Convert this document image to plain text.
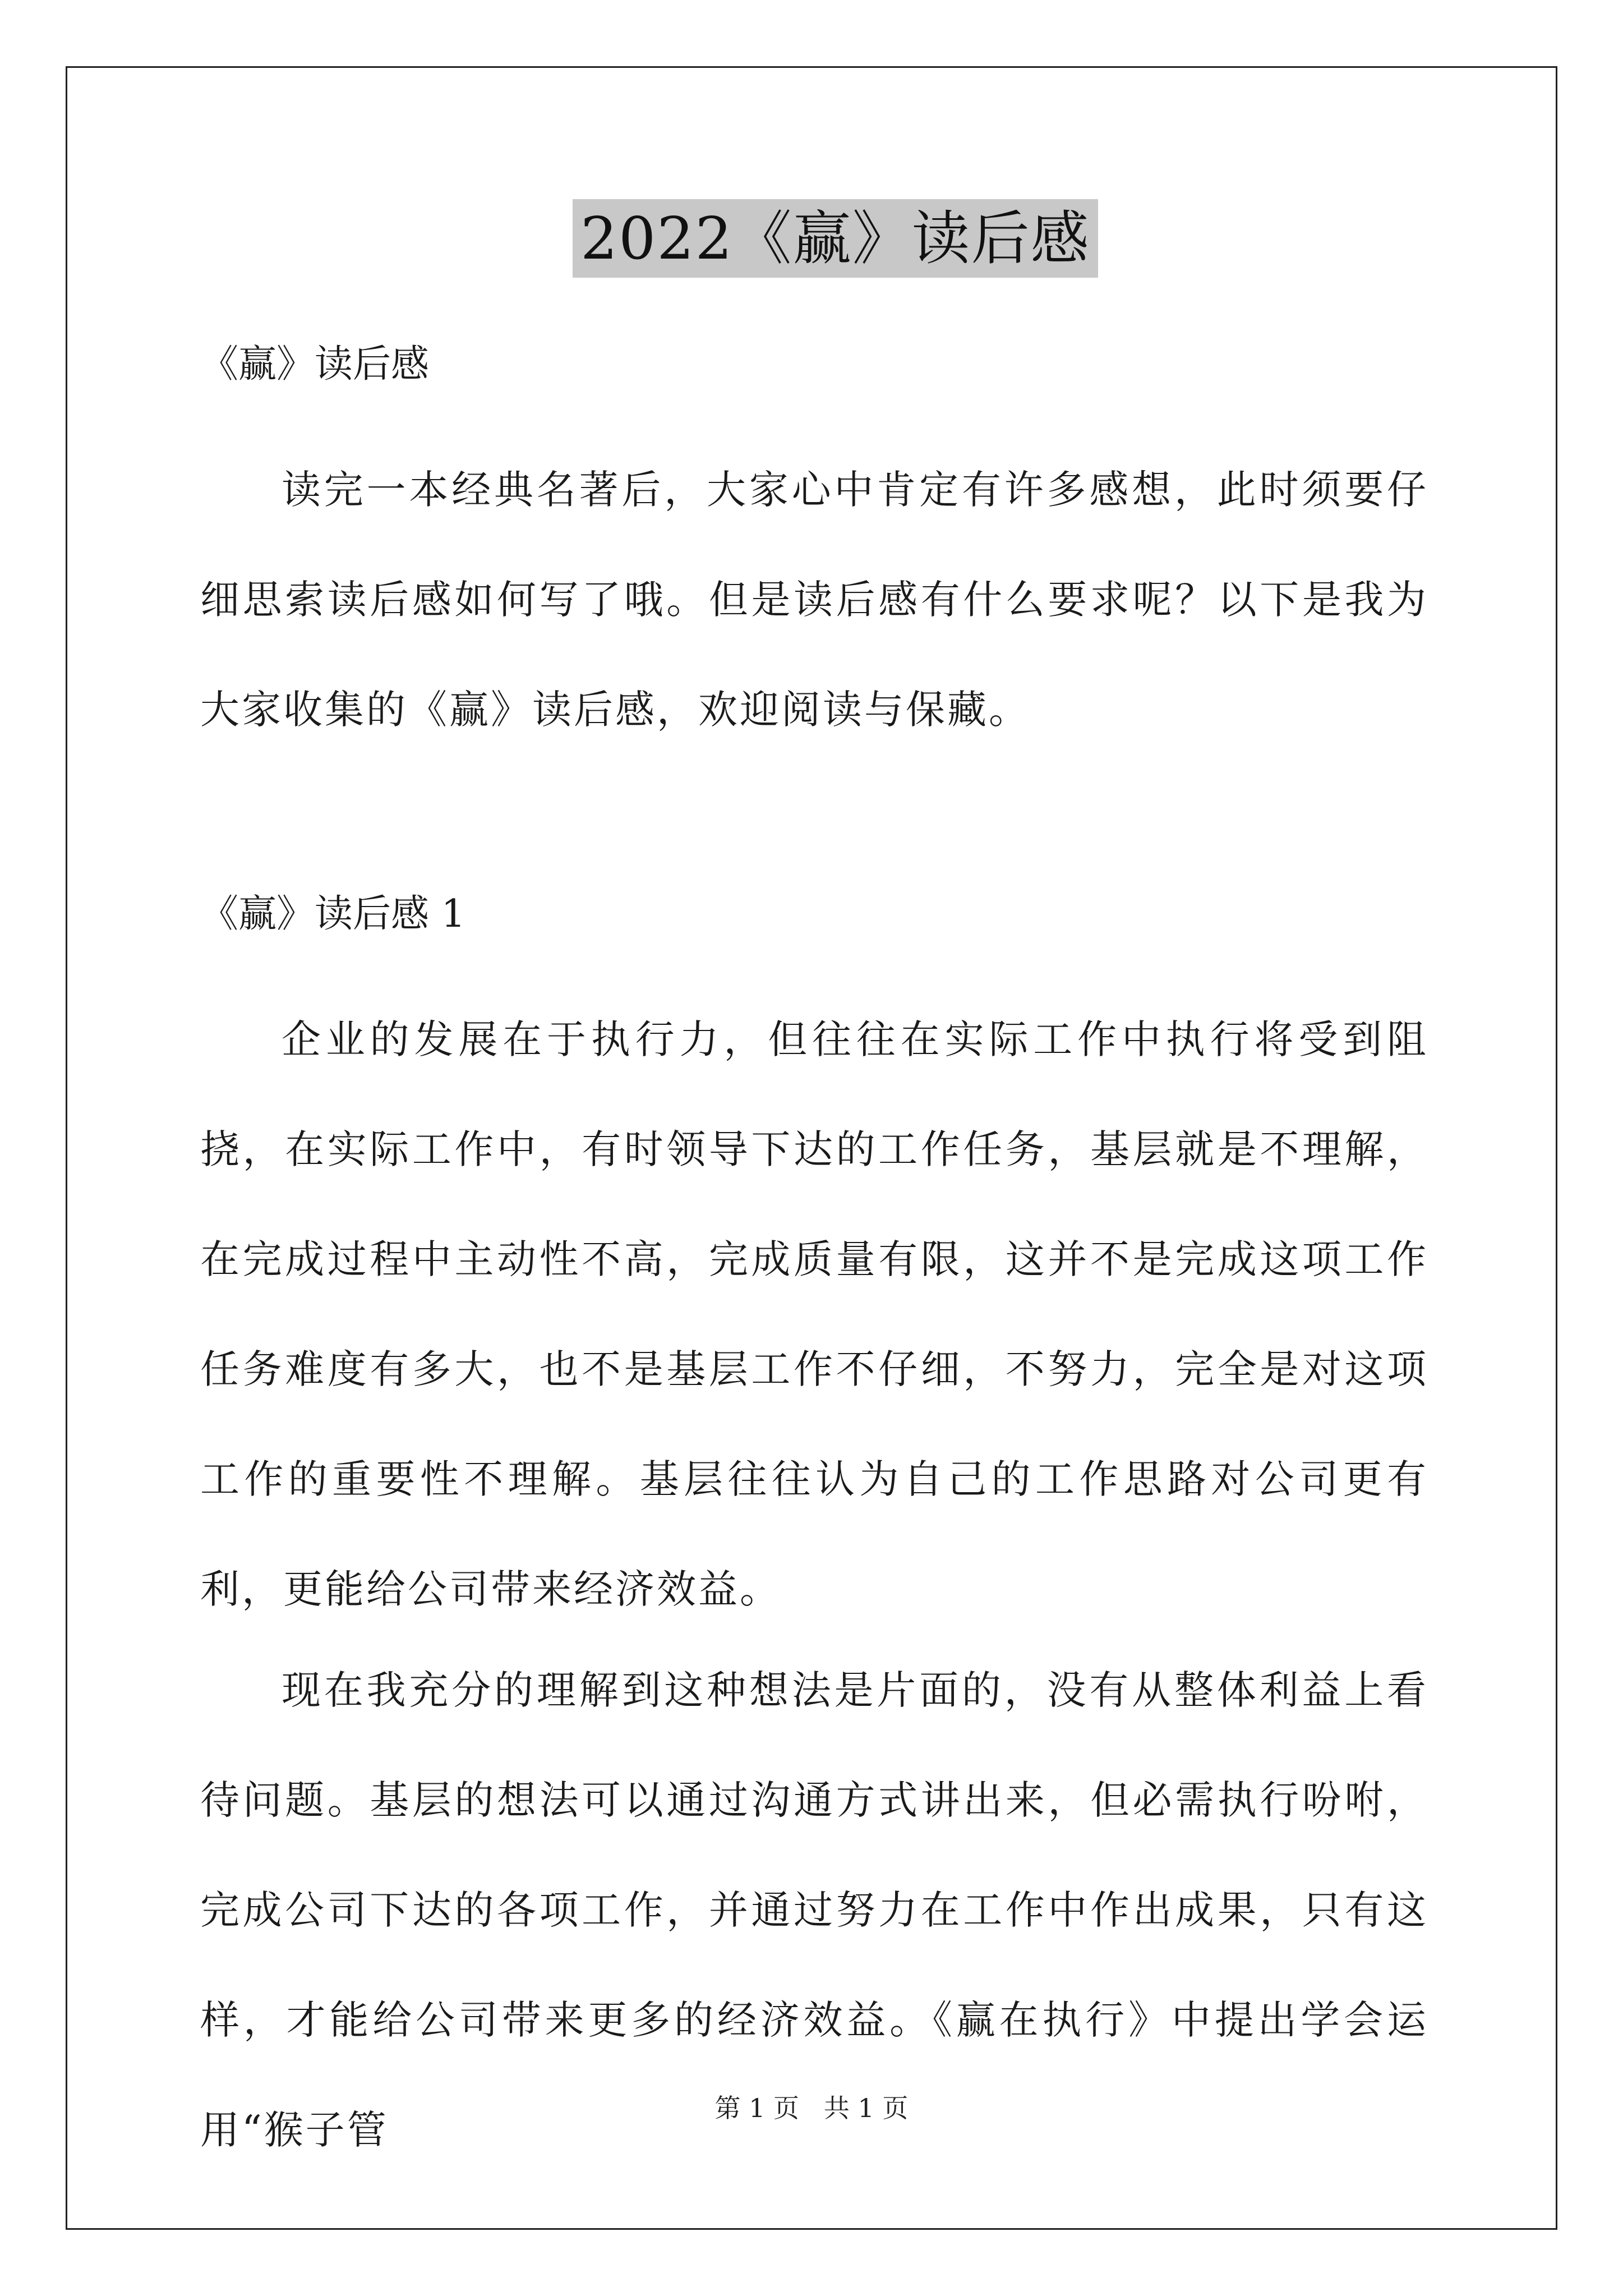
2022《赢》读后感
《赢》读后感
读完一本经典名著后，大家心中肯定有许多感想，此时须要仔细思索读后感如何写了哦。但是读后感有什么要求呢？以下是我为大家收集的《赢》读后感，欢迎阅读与保藏。
《赢》读后感 1
企业的发展在于执行力，但往往在实际工作中执行将受到阻挠，在实际工作中，有时领导下达的工作任务，基层就是不理解，在完成过程中主动性不高，完成质量有限，这并不是完成这项工作任务难度有多大，也不是基层工作不仔细，不努力，完全是对这项工作的重要性不理解。基层往往认为自己的工作思路对公司更有利，更能给公司带来经济效益。
现在我充分的理解到这种想法是片面的，没有从整体利益上看待问题。基层的想法可以通过沟通方式讲出来，但必需执行吩咐，完成公司下达的各项工作，并通过努力在工作中作出成果，只有这样，才能给公司带来更多的经济效益。《赢在执行》中提出学会运用“猴子管	第 1 页   共 1 页
